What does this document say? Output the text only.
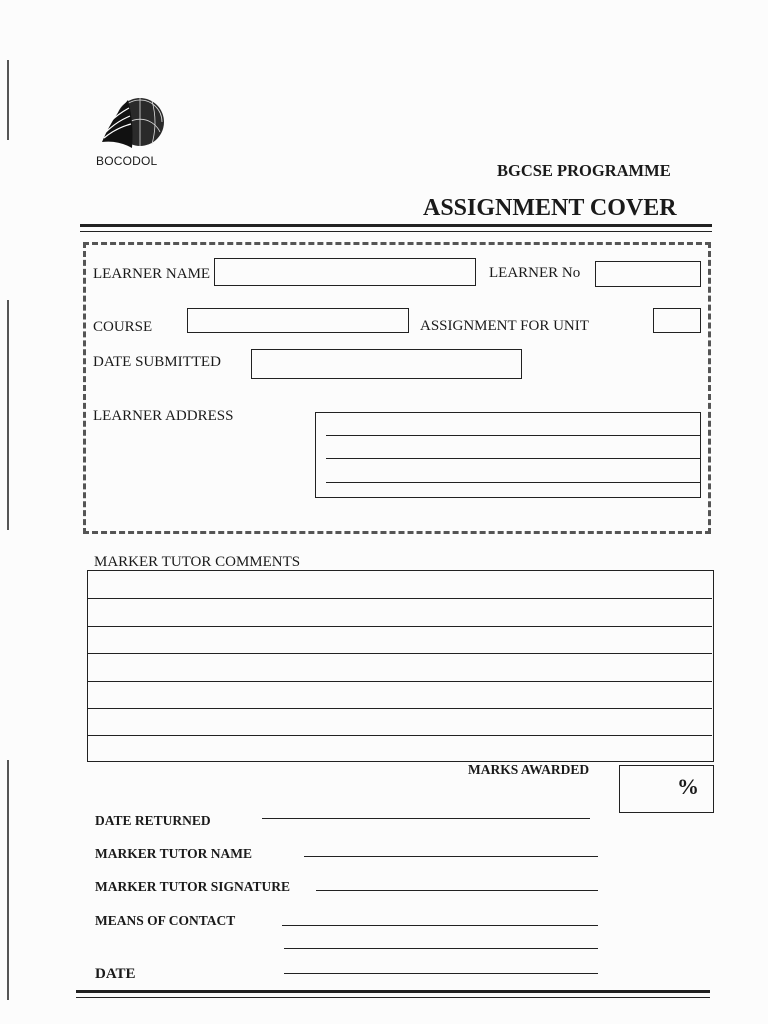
BOCODOL	BGCSE PROGRAMME
ASSIGNMENT COVER
LEARNER NAME	LEARNER No
COURSE	ASSIGNMENT FOR UNIT
DATE SUBMITTED
LEARNER ADDRESS
MARKER TUTOR COMMENTS
MARKS AWARDED
%
DATE RETURNED
MARKER TUTOR NAME
MARKER TUTOR SIGNATURE
MEANS OF CONTACT
DATE
